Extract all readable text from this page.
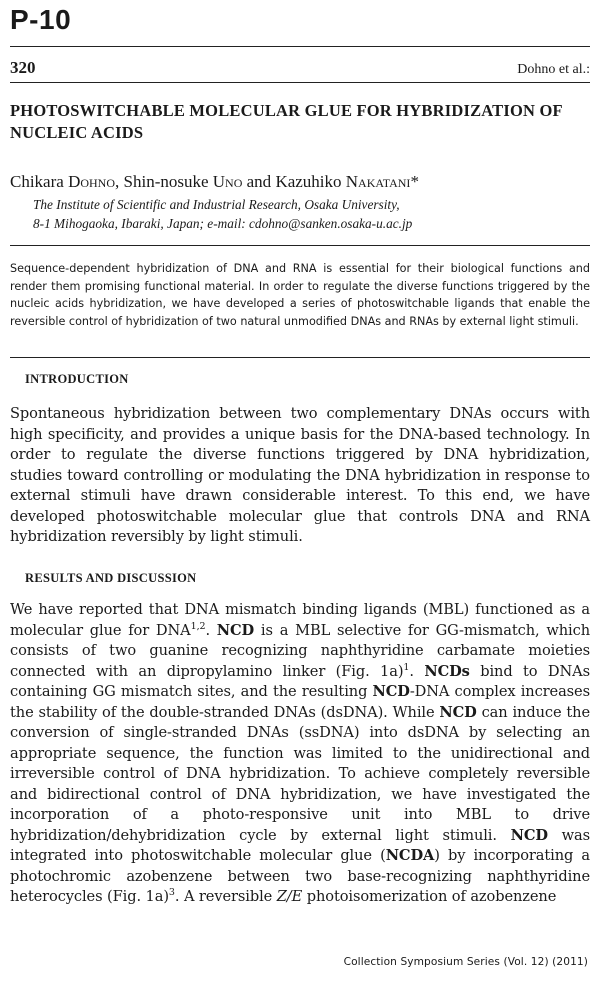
P-10
320	Dohno et al.:
PHOTOSWITCHABLE MOLECULAR GLUE FOR HYBRIDIZATION OF NUCLEIC ACIDS
Chikara Dohno, Shin-nosuke Uno and Kazuhiko Nakatani*
The Institute of Scientific and Industrial Research, Osaka University,
8-1 Mihogaoka, Ibaraki, Japan; e-mail: cdohno@sanken.osaka-u.ac.jp
Sequence-dependent hybridization of DNA and RNA is essential for their biological functions and render them promising functional material. In order to regulate the diverse functions triggered by the nucleic acids hybridization, we have developed a series of photoswitchable ligands that enable the reversible control of hybridization of two natural unmodified DNAs and RNAs by external light stimuli.
INTRODUCTION
Spontaneous hybridization between two complementary DNAs occurs with high specificity, and provides a unique basis for the DNA-based technology. In order to regulate the diverse functions triggered by DNA hybridization, studies toward controlling or modulating the DNA hybridization in response to external stimuli have drawn considerable interest. To this end, we have developed photoswitchable molecular glue that controls DNA and RNA hybridization reversibly by light stimuli.
RESULTS AND DISCUSSION
We have reported that DNA mismatch binding ligands (MBL) functioned as a molecular glue for DNA$^{1,2}$. NCD is a MBL selective for GG-mismatch, which consists of two guanine recognizing naphthyridine carbamate moieties connected with an dipropylamino linker (Fig. 1a)$^1$. NCDs bind to DNAs containing GG mismatch sites, and the resulting NCD-DNA complex increases the stability of the double-stranded DNAs (dsDNA). While NCD can induce the conversion of single-stranded DNAs (ssDNA) into dsDNA by selecting an appropriate sequence, the function was limited to the unidirectional and irreversible control of DNA hybridization. To achieve completely reversible and bidirectional control of DNA hybridization, we have investigated the incorporation of a photo-responsive unit into MBL to drive hybridization/dehybridization cycle by external light stimuli. NCD was integrated into photoswitchable molecular glue (NCDA) by incorporating a photochromic azobenzene between two base-recognizing naphthyridine heterocycles (Fig. 1a)$^3$. A reversible Z/E photoisomerization of azobenzene
Collection Symposium Series (Vol. 12) (2011)
